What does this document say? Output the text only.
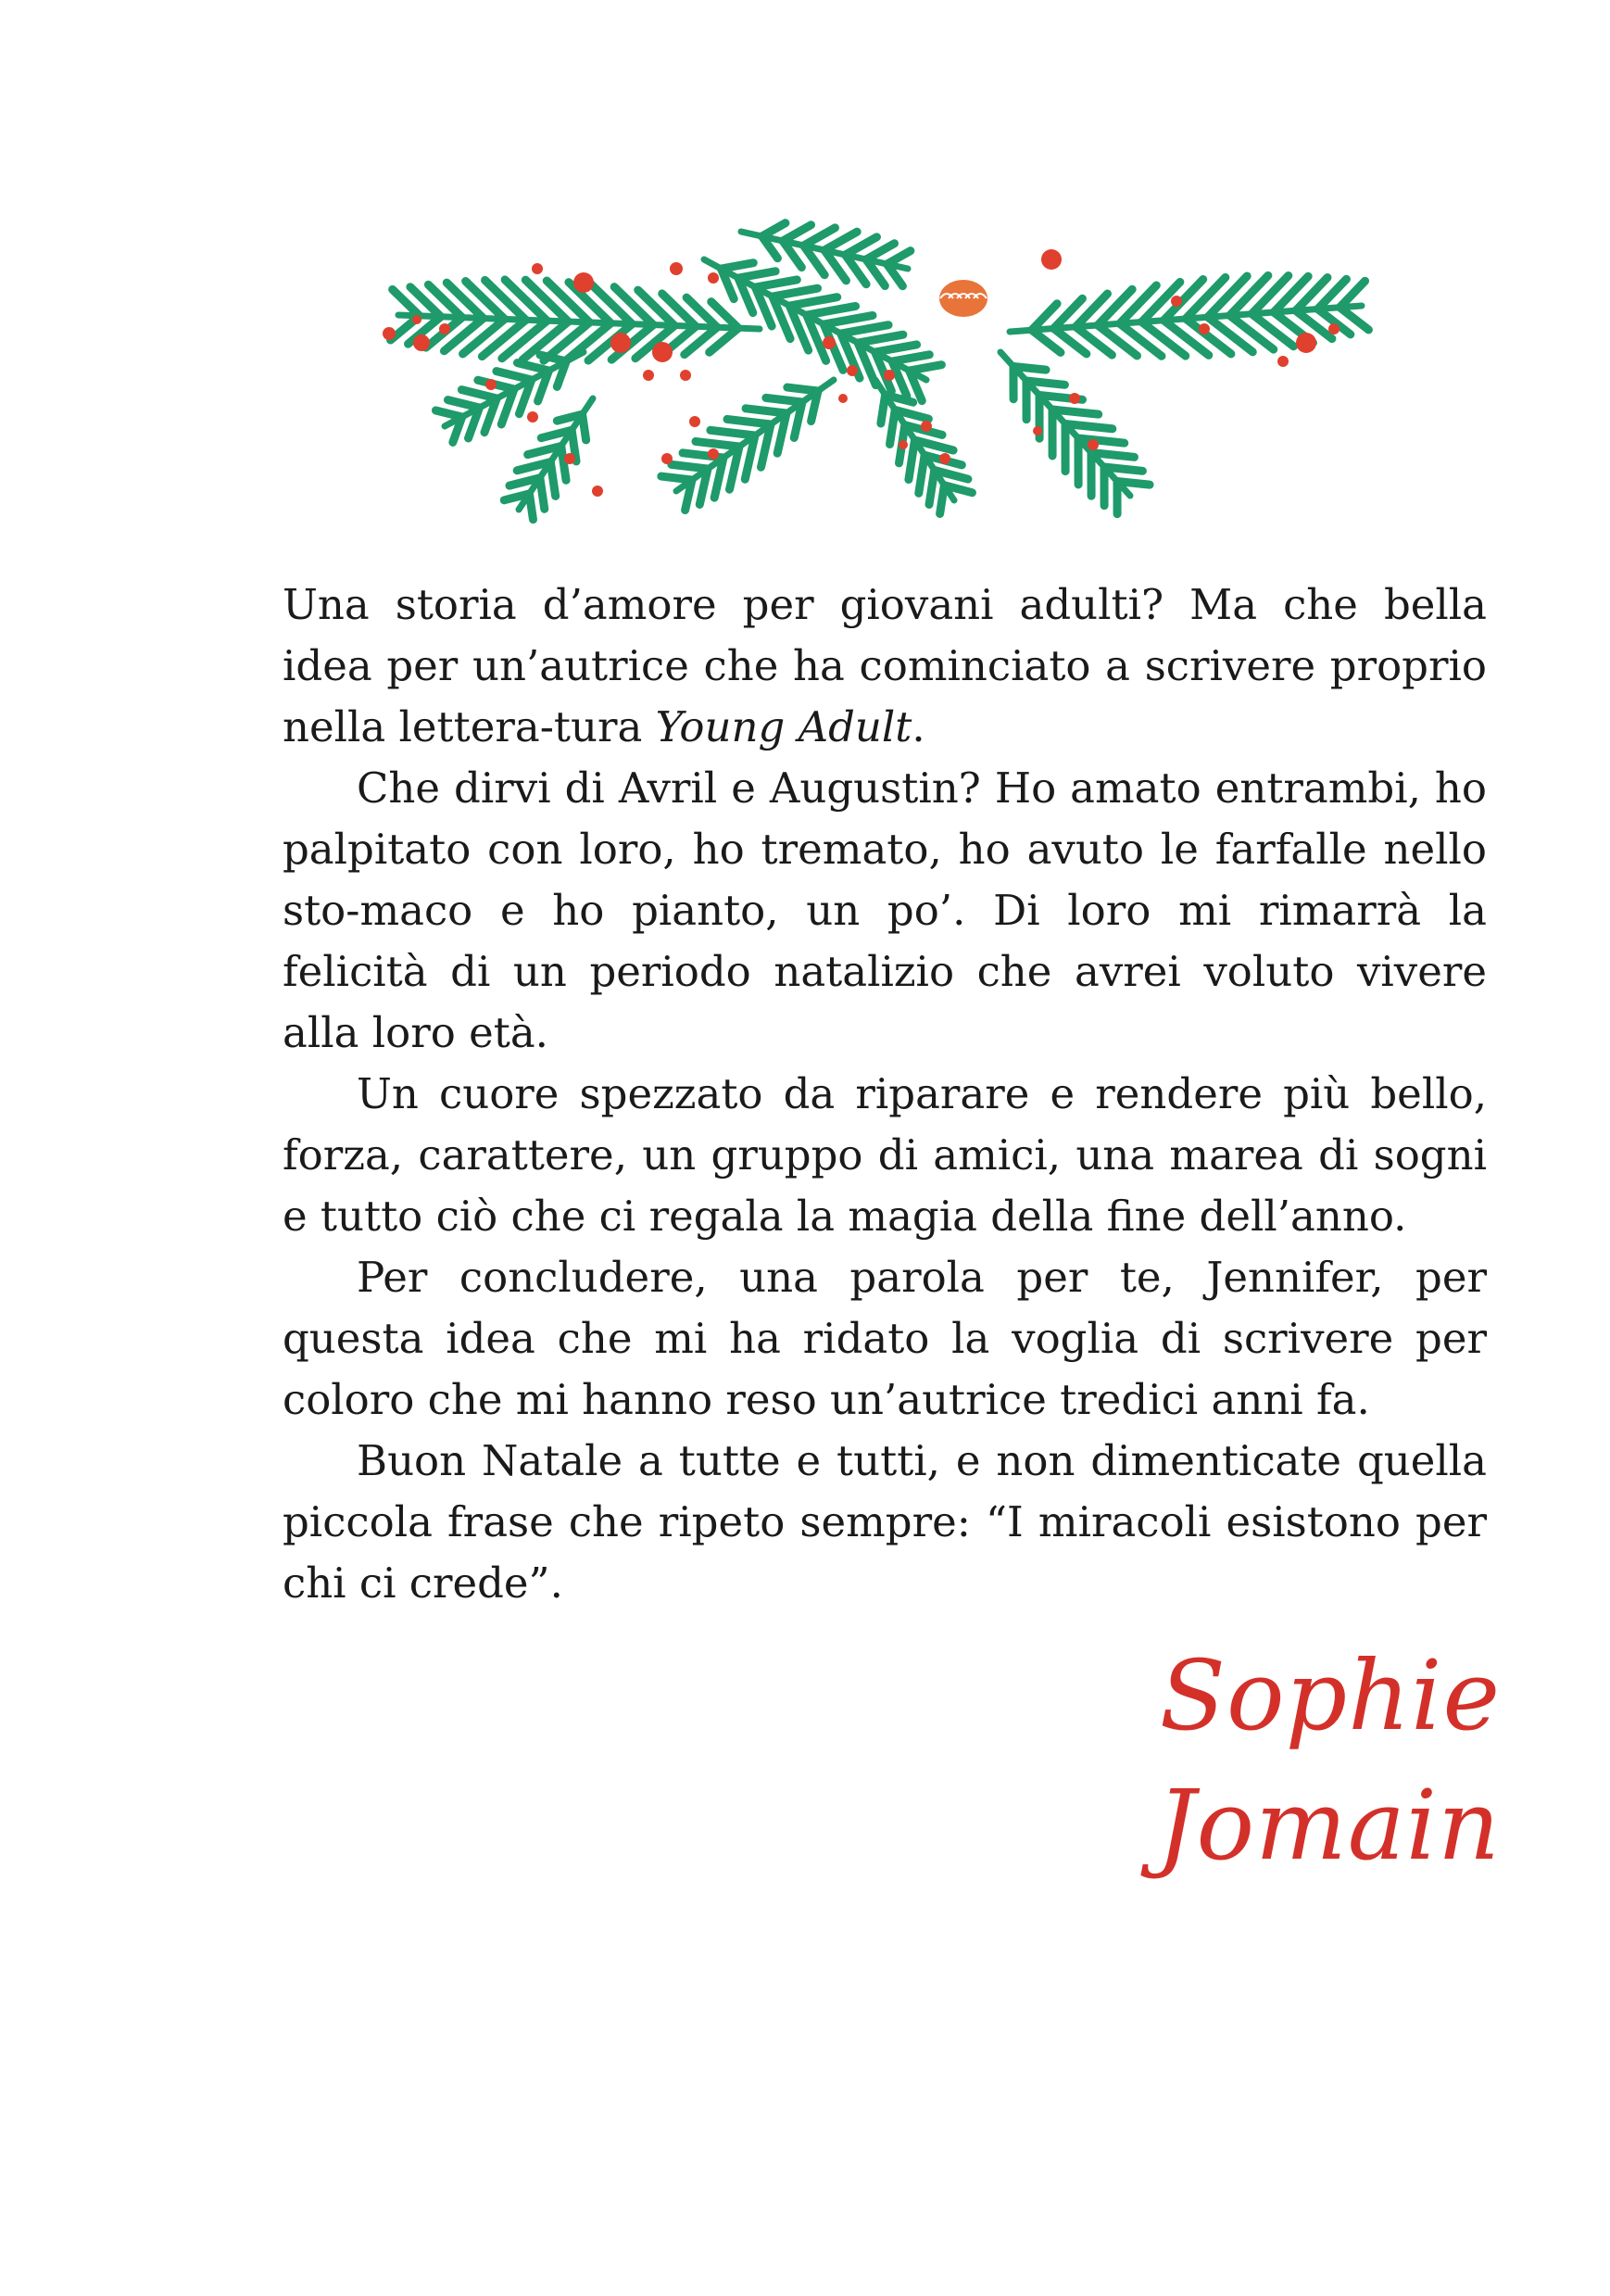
Una storia d’amore per giovani adulti? Ma che bella idea per un’autrice che ha cominciato a scrivere proprio nella lettera-tura Young Adult.

Che dirvi di Avril e Augustin? Ho amato entrambi, ho palpitato con loro, ho tremato, ho avuto le farfalle nello sto-maco e ho pianto, un po’. Di loro mi rimarrà la felicità di un periodo natalizio che avrei voluto vivere alla loro età.

Un cuore spezzato da riparare e rendere più bello, forza, carattere, un gruppo di amici, una marea di sogni e tutto ciò che ci regala la magia della fine dell’anno.

Per concludere, una parola per te, Jennifer, per questa idea che mi ha ridato la voglia di scrivere per coloro che mi hanno reso un’autrice tredici anni fa.

Buon Natale a tutte e tutti, e non dimenticate quella piccola frase che ripeto sempre: “I miracoli esistono per chi ci crede”.

Sophie Jomain
